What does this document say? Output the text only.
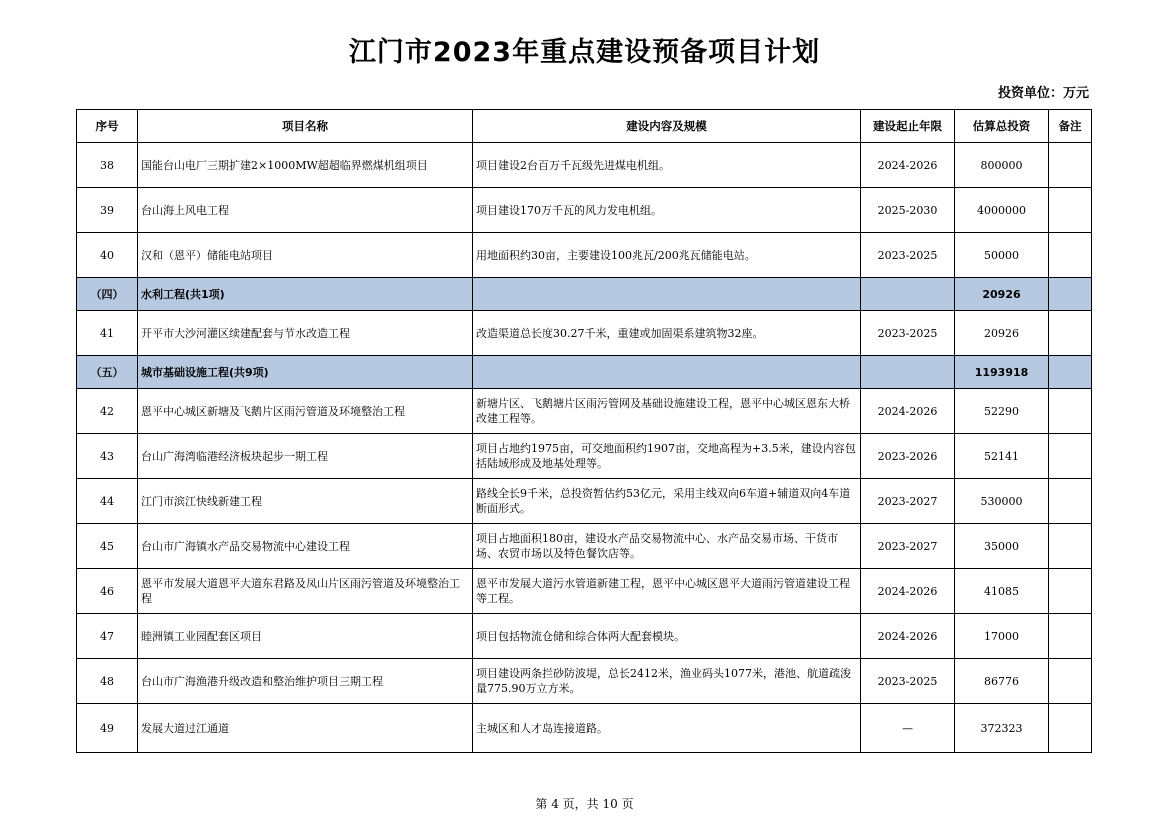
江门市2023年重点建设预备项目计划
投资单位：万元
序号	项目名称	建设内容及规模	建设起止年限	估算总投资	备注
38	国能台山电厂三期扩建2×1000MW超超临界燃煤机组项目	项目建设2台百万千瓦级先进煤电机组。	2024-2026	800000	
39	台山海上风电工程	项目建设170万千瓦的风力发电机组。	2025-2030	4000000	
40	汉和（恩平）储能电站项目	用地面积约30亩，主要建设100兆瓦/200兆瓦储能电站。	2023-2025	50000	
（四）	水利工程(共1项)			20926	
41	开平市大沙河灌区续建配套与节水改造工程	改造渠道总长度30.27千米，重建或加固渠系建筑物32座。	2023-2025	20926	
（五）	城市基础设施工程(共9项)			1193918	
42	恩平中心城区新塘及飞鹅片区雨污管道及环境整治工程	新塘片区、飞鹅塘片区雨污管网及基础设施建设工程，恩平中心城区恩东大桥改建工程等。	2024-2026	52290	
43	台山广海湾临港经济板块起步一期工程	项目占地约1975亩，可交地面积约1907亩，交地高程为+3.5米，建设内容包括陆域形成及地基处理等。	2023-2026	52141	
44	江门市滨江快线新建工程	路线全长9千米，总投资暂估约53亿元，采用主线双向6车道+辅道双向4车道断面形式。	2023-2027	530000	
45	台山市广海镇水产品交易物流中心建设工程	项目占地面积180亩，建设水产品交易物流中心、水产品交易市场、干货市场、农贸市场以及特色餐饮店等。	2023-2027	35000	
46	恩平市发展大道恩平大道东君路及凤山片区雨污管道及环境整治工程	恩平市发展大道污水管道新建工程，恩平中心城区恩平大道雨污管道建设工程等工程。	2024-2026	41085	
47	睦洲镇工业园配套区项目	项目包括物流仓储和综合体两大配套模块。	2024-2026	17000	
48	台山市广海渔港升级改造和整治维护项目三期工程	项目建设两条拦砂防波堤，总长2412米，渔业码头1077米，港池、航道疏浚量775.90万立方米。	2023-2025	86776	
49	发展大道过江通道	主城区和人才岛连接道路。	—	372323	
第 4 页，共 10 页
